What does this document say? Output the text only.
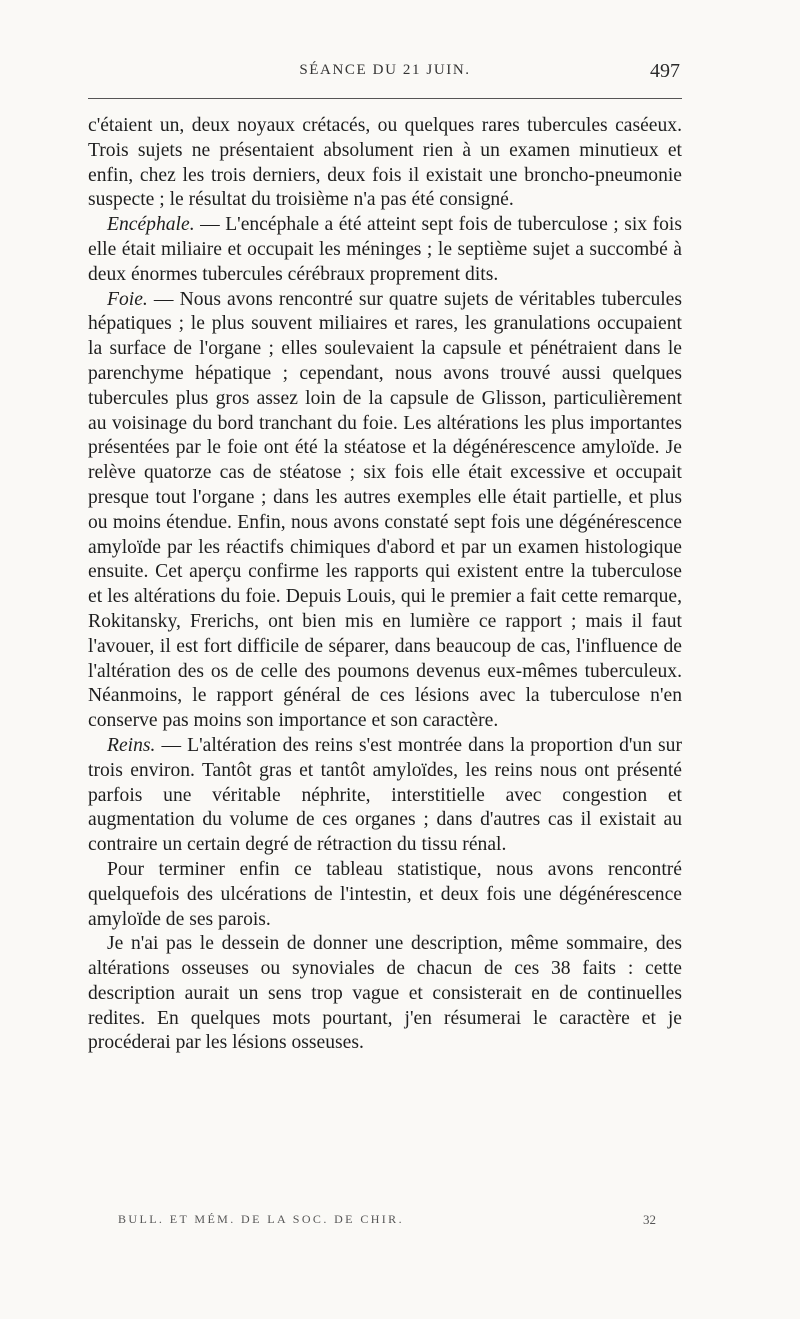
SÉANCE DU 21 JUIN.	497

c'étaient un, deux noyaux crétacés, ou quelques rares tubercules caséeux. Trois sujets ne présentaient absolument rien à un examen minutieux et enfin, chez les trois derniers, deux fois il existait une broncho-pneumonie suspecte ; le résultat du troisième n'a pas été consigné.

Encéphale. — L'encéphale a été atteint sept fois de tuberculose ; six fois elle était miliaire et occupait les méninges ; le septième sujet a succombé à deux énormes tubercules cérébraux proprement dits.

Foie. — Nous avons rencontré sur quatre sujets de véritables tubercules hépatiques ; le plus souvent miliaires et rares, les granulations occupaient la surface de l'organe ; elles soulevaient la capsule et pénétraient dans le parenchyme hépatique ; cependant, nous avons trouvé aussi quelques tubercules plus gros assez loin de la capsule de Glisson, particulièrement au voisinage du bord tranchant du foie. Les altérations les plus importantes présentées par le foie ont été la stéatose et la dégénérescence amyloïde. Je relève quatorze cas de stéatose ; six fois elle était excessive et occupait presque tout l'organe ; dans les autres exemples elle était partielle, et plus ou moins étendue. Enfin, nous avons constaté sept fois une dégénérescence amyloïde par les réactifs chimiques d'abord et par un examen histologique ensuite. Cet aperçu confirme les rapports qui existent entre la tuberculose et les altérations du foie. Depuis Louis, qui le premier a fait cette remarque, Rokitansky, Frerichs, ont bien mis en lumière ce rapport ; mais il faut l'avouer, il est fort difficile de séparer, dans beaucoup de cas, l'influence de l'altération des os de celle des poumons devenus eux-mêmes tuberculeux. Néanmoins, le rapport général de ces lésions avec la tuberculose n'en conserve pas moins son importance et son caractère.

Reins. — L'altération des reins s'est montrée dans la proportion d'un sur trois environ. Tantôt gras et tantôt amyloïdes, les reins nous ont présenté parfois une véritable néphrite, interstitielle avec congestion et augmentation du volume de ces organes ; dans d'autres cas il existait au contraire un certain degré de rétraction du tissu rénal.

Pour terminer enfin ce tableau statistique, nous avons rencontré quelquefois des ulcérations de l'intestin, et deux fois une dégénérescence amyloïde de ses parois.

Je n'ai pas le dessein de donner une description, même sommaire, des altérations osseuses ou synoviales de chacun de ces 38 faits : cette description aurait un sens trop vague et consisterait en de continuelles redites. En quelques mots pourtant, j'en résumerai le caractère et je procéderai par les lésions osseuses.

BULL. ET MÉM. DE LA SOC. DE CHIR.	32
